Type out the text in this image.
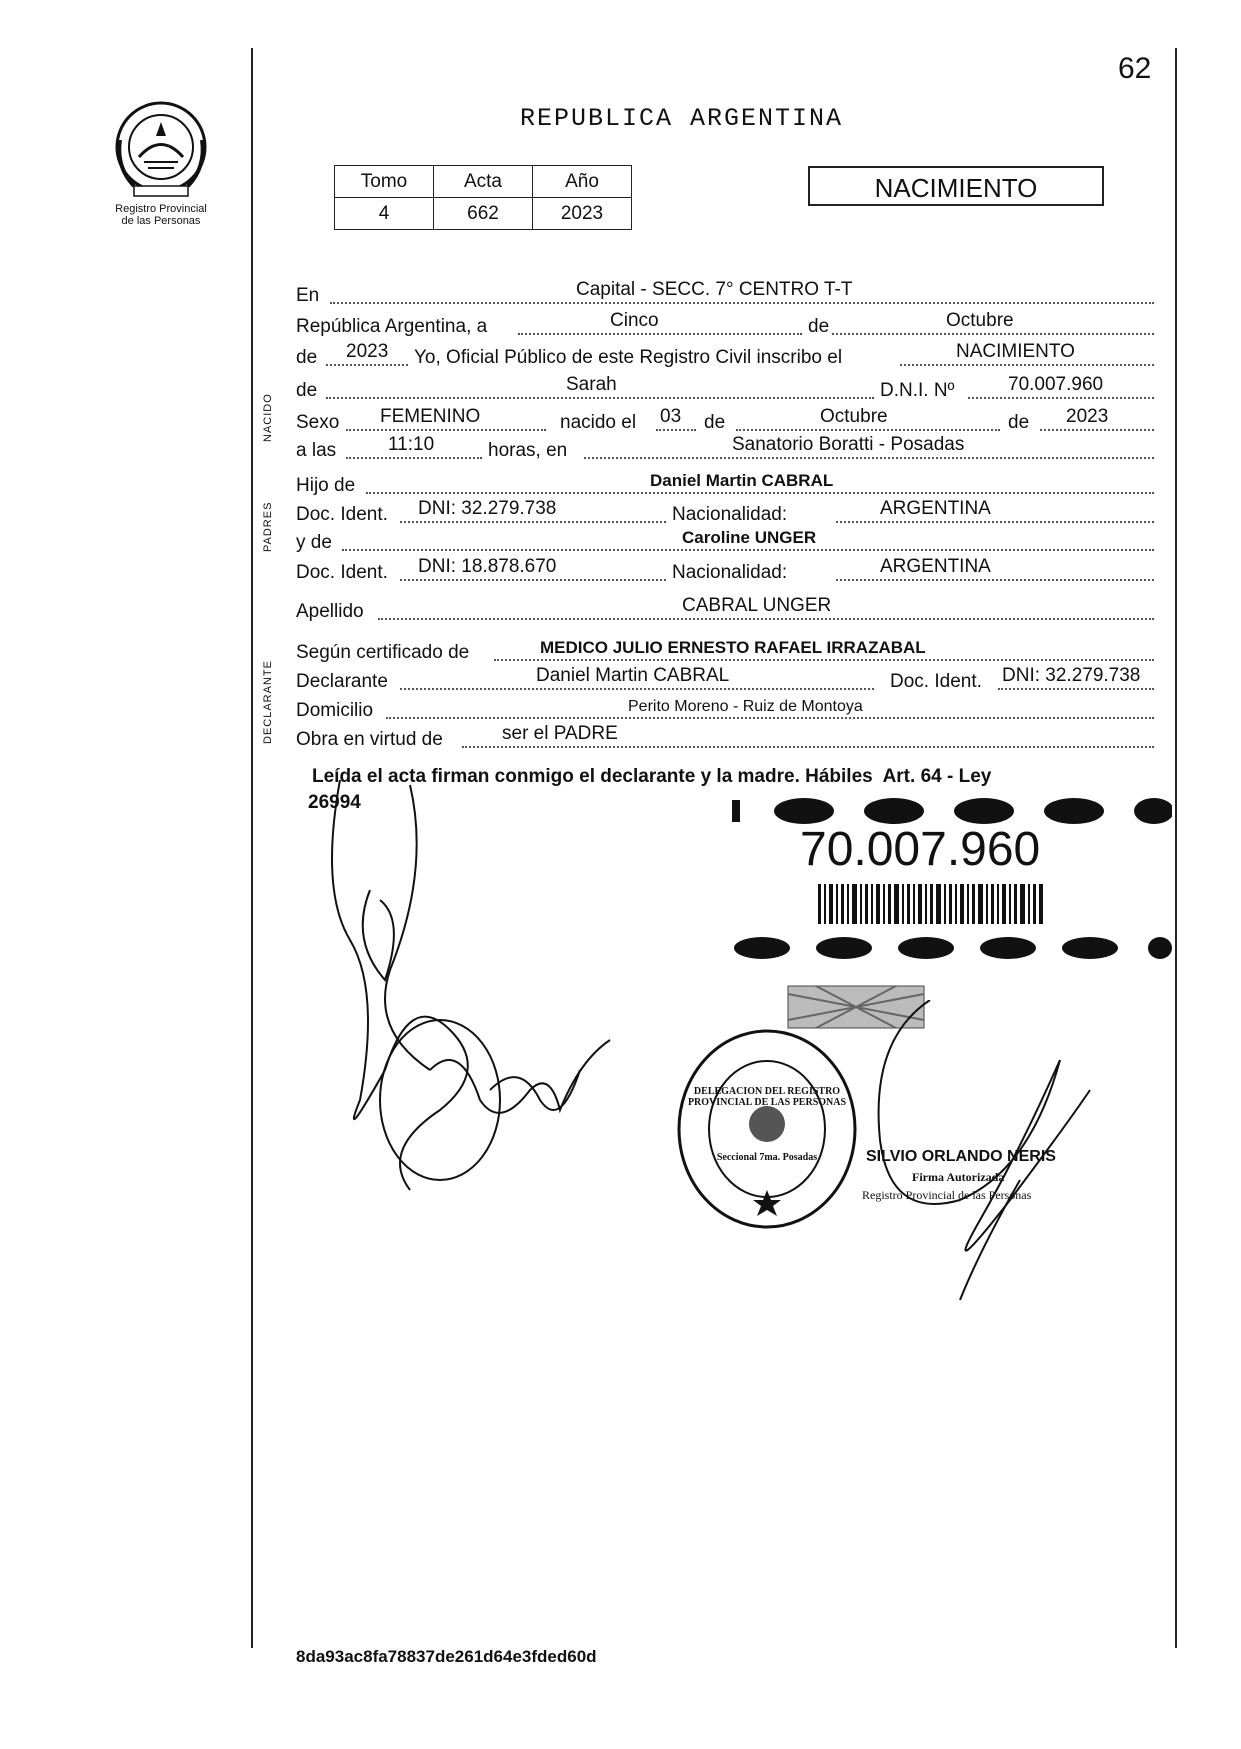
62
Registro Provincial
de las Personas
REPUBLICA ARGENTINA
Tomo	Acta	Año
4	662	2023
NACIMIENTO
NACIDO
PADRES
DECLARANTE
En	Capital - SECC. 7° CENTRO T-T
República Argentina, a	Cinco	de	Octubre
de 2023 Yo, Oficial Público de este Registro Civil inscribo el	NACIMIENTO
de	Sarah	D.N.I. Nº	70.007.960
Sexo FEMENINO	nacido el 03 de	Octubre	de 2023
a las	11:10	horas, en	Sanatorio Boratti - Posadas
Hijo de	Daniel Martin CABRAL
Doc. Ident. DNI: 32.279.738	Nacionalidad:	ARGENTINA
y de	Caroline UNGER
Doc. Ident. DNI: 18.878.670	Nacionalidad:	ARGENTINA
Apellido	CABRAL UNGER
Según certificado de	MEDICO JULIO ERNESTO RAFAEL IRRAZABAL
Declarante	Daniel Martin CABRAL	Doc. Ident. DNI: 32.279.738
Domicilio	Perito Moreno - Ruiz de Montoya
Obra en virtud de	ser el PADRE
Leída el acta firman conmigo el declarante y la madre. Hábiles  Art. 64 - Ley
26994
70.007.960
DELEGACION DEL REGISTRO PROVINCIAL DE LAS PERSONAS
Seccional 7ma. Posadas	SILVIO ORLANDO NERIS
Firma Autorizada
Registro Provincial de las Personas
8da93ac8fa78837de261d64e3fded60d
